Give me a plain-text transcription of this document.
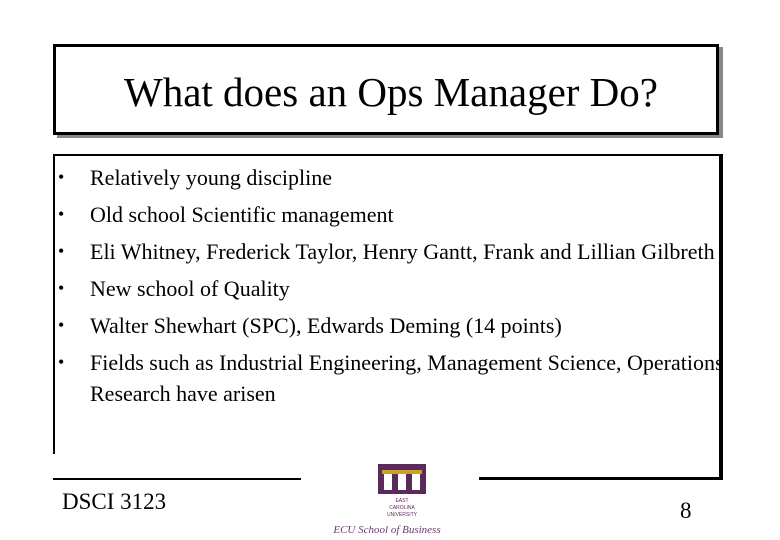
What does an Ops Manager Do?
• Relatively young discipline
• Old school Scientific management
• Eli Whitney, Frederick Taylor, Henry Gantt, Frank and Lillian Gilbreth
• New school of Quality
• Walter Shewhart (SPC), Edwards Deming (14 points)
• Fields such as Industrial Engineering, Management Science, Operations Research have arisen
DSCI 3123	8
EAST
CAROLINA
UNIVERSITY
ECU School of Business
